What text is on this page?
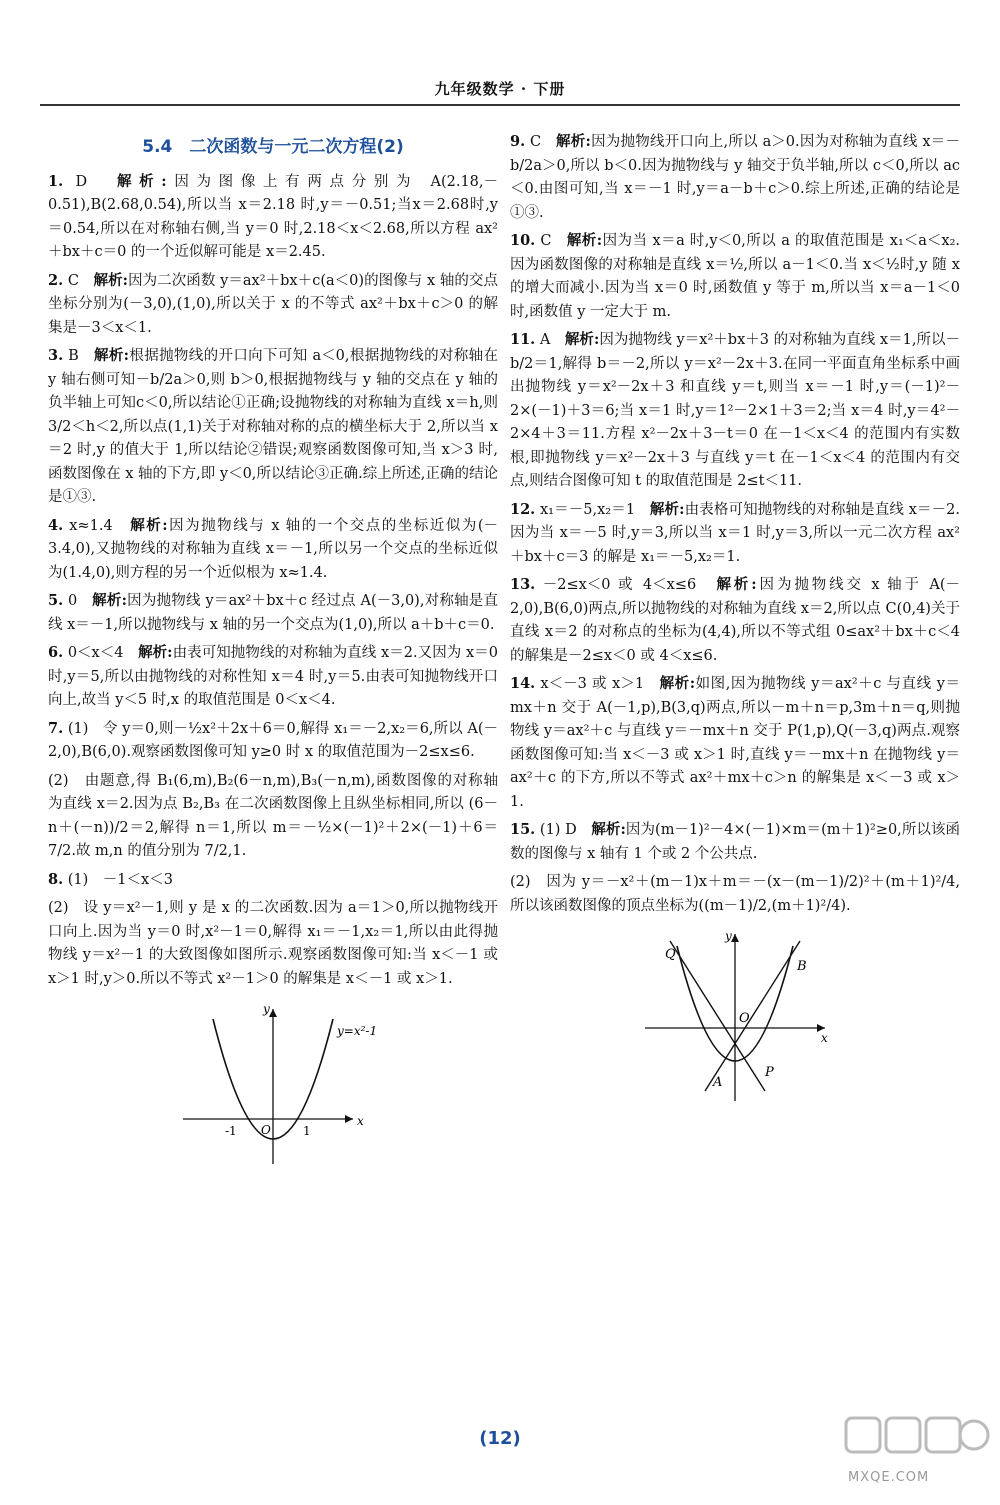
九年级数学 · 下册
5.4　二次函数与一元二次方程(2)
1. D　 解析:因为图像上有两点分别为 A(2.18,－0.51),B(2.68,0.54),所以当 x＝2.18 时,y＝－0.51;当x＝2.68时,y＝0.54,所以在对称轴右侧,当 y＝0 时,2.18＜x＜2.68,所以方程 ax²＋bx＋c＝0 的一个近似解可能是 x＝2.45.
2. C　 解析:因为二次函数 y＝ax²＋bx＋c(a＜0)的图像与 x 轴的交点坐标分别为(－3,0),(1,0),所以关于 x 的不等式 ax²＋bx＋c＞0 的解集是－3＜x＜1.
3. B　 解析:根据抛物线的开口向下可知 a＜0,根据抛物线的对称轴在 y 轴右侧可知－b/2a＞0,则 b＞0,根据抛物线与 y 轴的交点在 y 轴的负半轴上可知c＜0,所以结论①正确;设抛物线的对称轴为直线 x＝h,则3/2＜h＜2,所以点(1,1)关于对称轴对称的点的横坐标大于 2,所以当 x＝2 时,y 的值大于 1,所以结论②错误;观察函数图像可知,当 x＞3 时,函数图像在 x 轴的下方,即 y＜0,所以结论③正确.综上所述,正确的结论是①③.
4. x≈1.4　 解析:因为抛物线与 x 轴的一个交点的坐标近似为(－3.4,0),又抛物线的对称轴为直线 x＝－1,所以另一个交点的坐标近似为(1.4,0),则方程的另一个近似根为 x≈1.4.
5. 0　 解析:因为抛物线 y＝ax²＋bx＋c 经过点 A(－3,0),对称轴是直线 x＝－1,所以抛物线与 x 轴的另一个交点为(1,0),所以 a＋b＋c＝0.
6. 0＜x＜4　 解析:由表可知抛物线的对称轴为直线 x＝2.又因为 x＝0 时,y＝5,所以由抛物线的对称性知 x＝4 时,y＝5.由表可知抛物线开口向上,故当 y＜5 时,x 的取值范围是 0＜x＜4.
7. (1)　 令 y＝0,则－½x²＋2x＋6＝0,解得 x₁＝－2,x₂＝6,所以 A(－2,0),B(6,0).观察函数图像可知 y≥0 时 x 的取值范围为－2≤x≤6.
(2)　 由题意,得 B₁(6,m),B₂(6－n,m),B₃(－n,m),函数图像的对称轴为直线 x＝2.因为点 B₂,B₃ 在二次函数图像上且纵坐标相同,所以 (6－n＋(－n))/2＝2,解得 n＝1,所以 m＝－½×(－1)²＋2×(－1)＋6＝7/2.故 m,n 的值分别为 7/2,1.
8. (1)　 －1＜x＜3
(2)　 设 y＝x²－1,则 y 是 x 的二次函数.因为 a＝1＞0,所以抛物线开口向上.因为当 y＝0 时,x²－1＝0,解得 x₁＝－1,x₂＝1,所以由此得抛物线 y＝x²－1 的大致图像如图所示.观察函数图像可知:当 x＜－1 或 x＞1 时,y＞0.所以不等式 x²－1＞0 的解集是 x＜－1 或 x＞1.
y=x²-1
x
y
O
-1	1
9. C　 解析:因为抛物线开口向上,所以 a＞0.因为对称轴为直线 x＝－b/2a＞0,所以 b＜0.因为抛物线与 y 轴交于负半轴,所以 c＜0,所以 ac＜0.由图可知,当 x＝－1 时,y＝a－b＋c＞0.综上所述,正确的结论是①③.
10. C　 解析:因为当 x＝a 时,y＜0,所以 a 的取值范围是 x₁＜a＜x₂.因为函数图像的对称轴是直线 x＝½,所以 a－1＜0.当 x＜½时,y 随 x 的增大而减小.因为当 x＝0 时,函数值 y 等于 m,所以当 x＝a－1＜0 时,函数值 y 一定大于 m.
11. A　 解析:因为抛物线 y＝x²＋bx＋3 的对称轴为直线 x＝1,所以－b/2＝1,解得 b＝－2,所以 y＝x²－2x＋3.在同一平面直角坐标系中画出抛物线 y＝x²－2x＋3 和直线 y＝t,则当 x＝－1 时,y＝(－1)²－2×(－1)＋3＝6;当 x＝1 时,y＝1²－2×1＋3＝2;当 x＝4 时,y＝4²－2×4＋3＝11.方程 x²－2x＋3－t＝0 在－1＜x＜4 的范围内有实数根,即抛物线 y＝x²－2x＋3 与直线 y＝t 在－1＜x＜4 的范围内有交点,则结合图像可知 t 的取值范围是 2≤t＜11.
12. x₁＝－5,x₂＝1　 解析:由表格可知抛物线的对称轴是直线 x＝－2.因为当 x＝－5 时,y＝3,所以当 x＝1 时,y＝3,所以一元二次方程 ax²＋bx＋c＝3 的解是 x₁＝－5,x₂＝1.
13. －2≤x＜0 或 4＜x≤6　 解析:因为抛物线交 x 轴于 A(－2,0),B(6,0)两点,所以抛物线的对称轴为直线 x＝2,所以点 C(0,4)关于直线 x＝2 的对称点的坐标为(4,4),所以不等式组 0≤ax²＋bx＋c＜4 的解集是－2≤x＜0 或 4＜x≤6.
14. x＜－3 或 x＞1　 解析:如图,因为抛物线 y＝ax²＋c 与直线 y＝mx＋n 交于 A(－1,p),B(3,q)两点,所以－m＋n＝p,3m＋n＝q,则抛物线 y＝ax²＋c 与直线 y＝－mx＋n 交于 P(1,p),Q(－3,q)两点.观察函数图像可知:当 x＜－3 或 x＞1 时,直线 y＝－mx＋n 在抛物线 y＝ax²＋c 的下方,所以不等式 ax²＋mx＋c＞n 的解集是 x＜－3 或 x＞1.
15. (1) D　 解析:因为(m－1)²－4×(－1)×m＝(m＋1)²≥0,所以该函数的图像与 x 轴有 1 个或 2 个公共点.
(2)　 因为 y＝－x²＋(m－1)x＋m＝－(x－(m－1)/2)²＋(m＋1)²/4,所以该函数图像的顶点坐标为((m－1)/2,(m＋1)²/4).
Q
B
O
A
P
x
y
(12)
MXQE.COM
